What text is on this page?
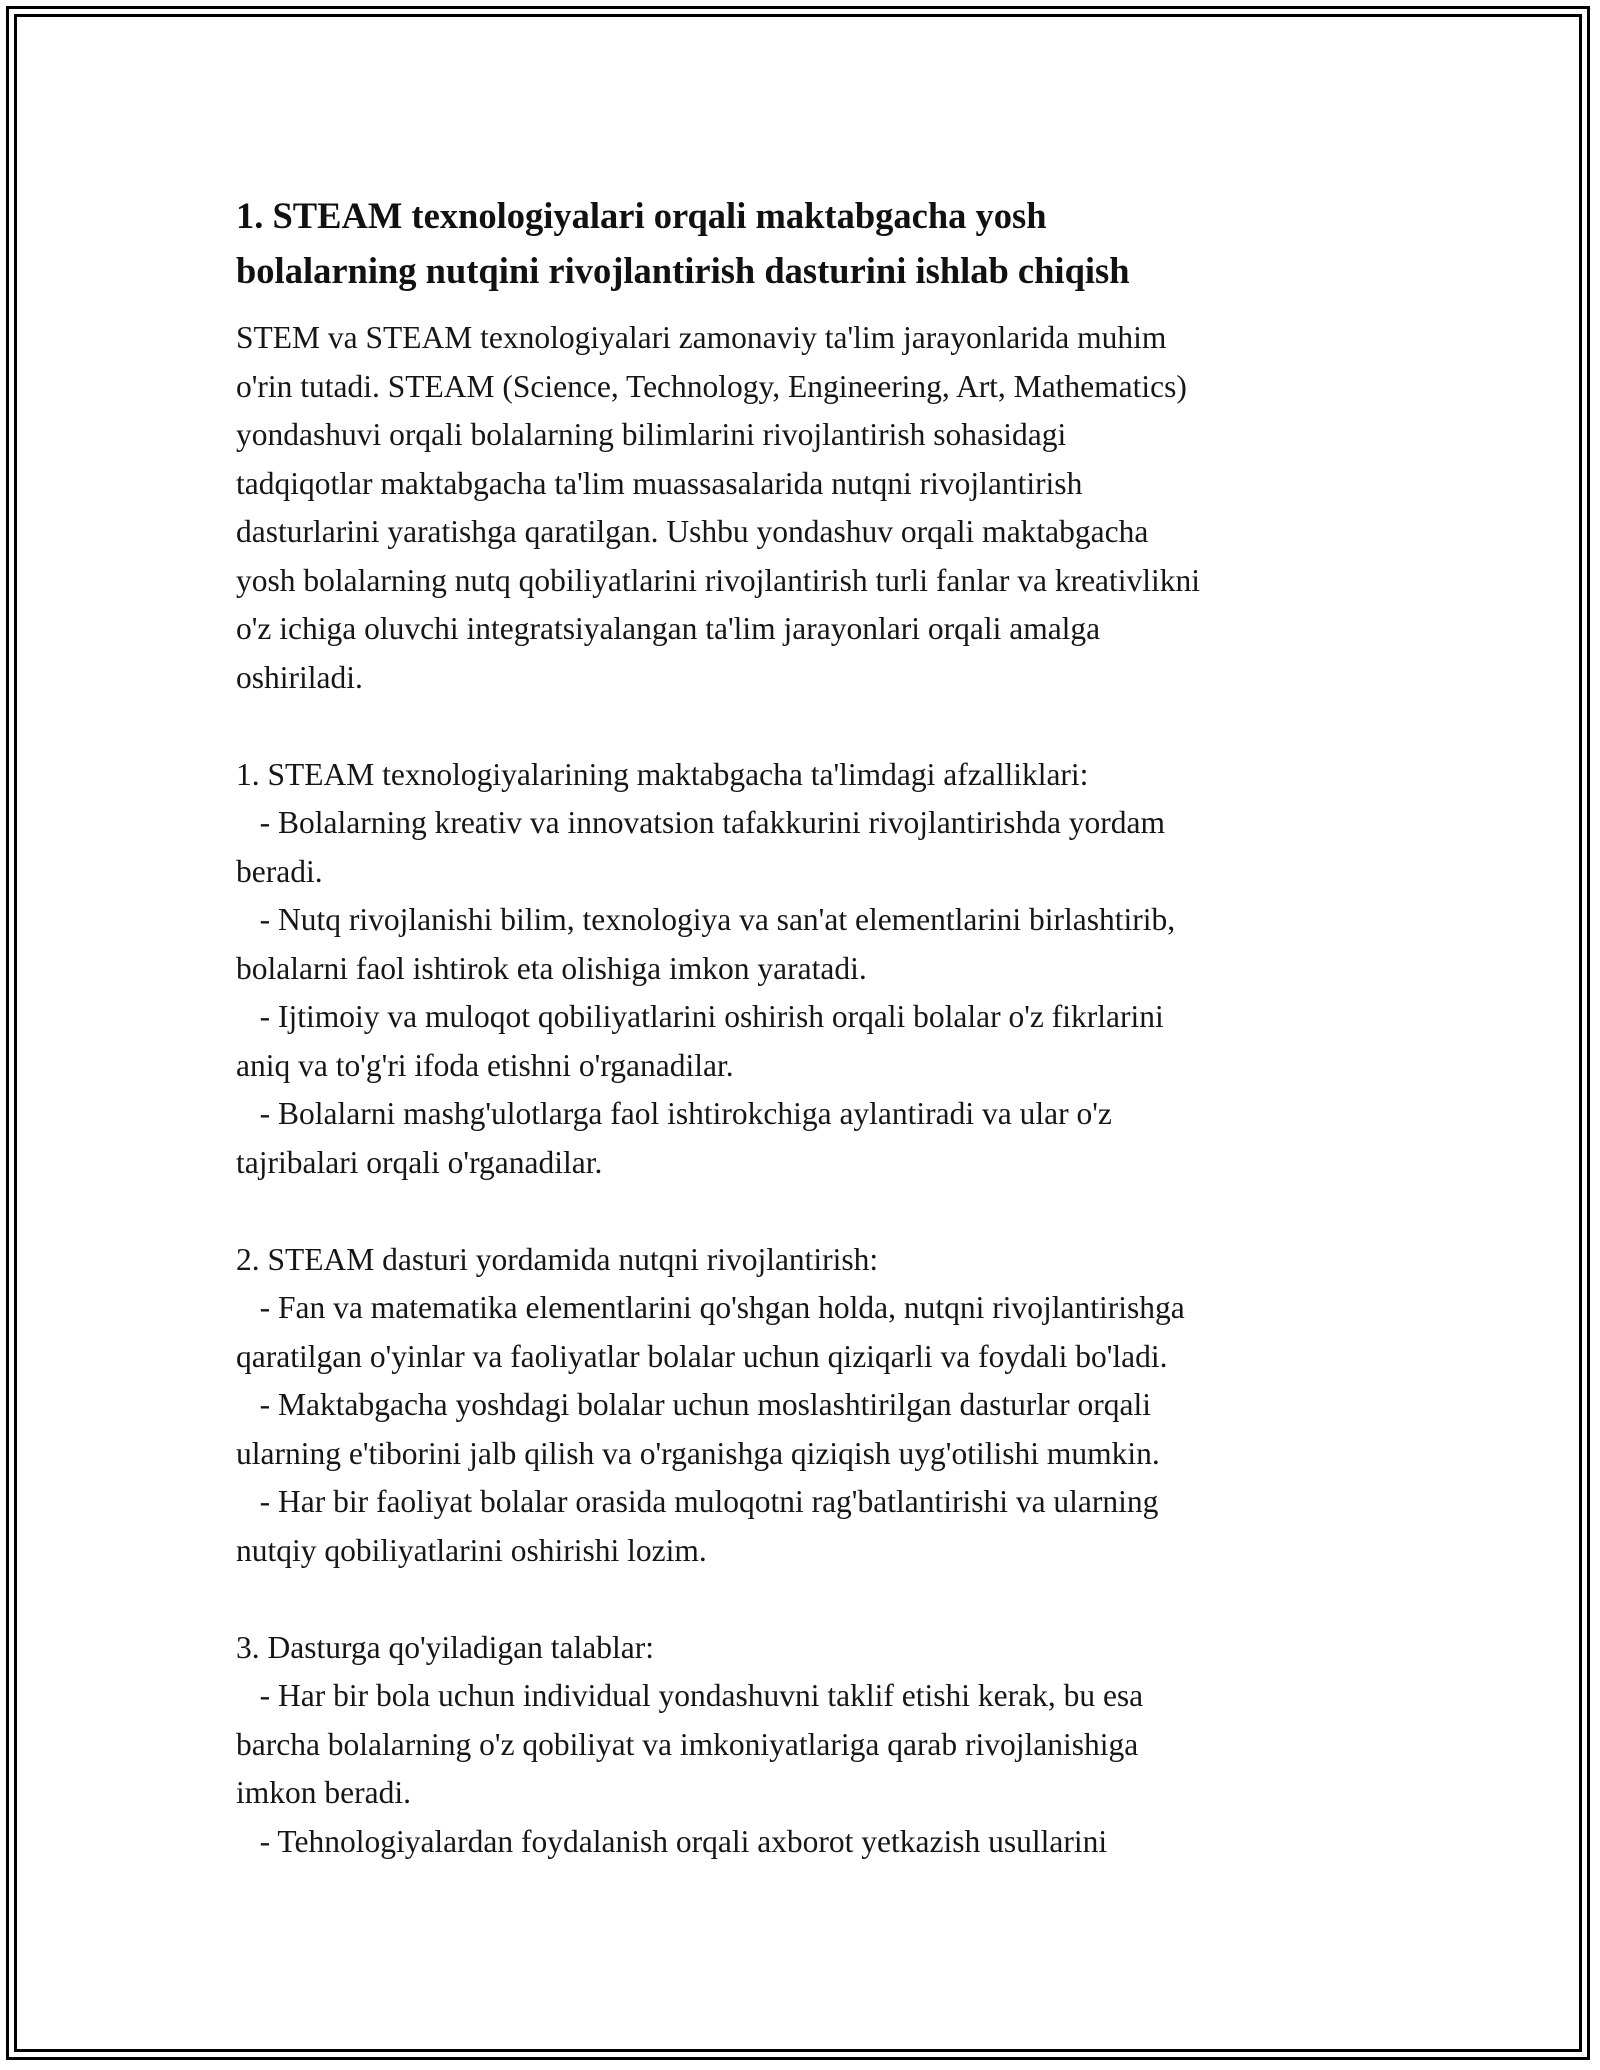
1. STEAM texnologiyalari orqali maktabgacha yosh
bolalarning nutqini rivojlantirish dasturini ishlab chiqish

STEM va STEAM texnologiyalari zamonaviy ta'lim jarayonlarida muhim
o'rin tutadi. STEAM (Science, Technology, Engineering, Art, Mathematics)
yondashuvi orqali bolalarning bilimlarini rivojlantirish sohasidagi
tadqiqotlar maktabgacha ta'lim muassasalarida nutqni rivojlantirish
dasturlarini yaratishga qaratilgan. Ushbu yondashuv orqali maktabgacha
yosh bolalarning nutq qobiliyatlarini rivojlantirish turli fanlar va kreativlikni
o'z ichiga oluvchi integratsiyalangan ta'lim jarayonlari orqali amalga
oshiriladi.

1. STEAM texnologiyalarining maktabgacha ta'limdagi afzalliklari:
- Bolalarning kreativ va innovatsion tafakkurini rivojlantirishda yordam
beradi.
- Nutq rivojlanishi bilim, texnologiya va san'at elementlarini birlashtirib,
bolalarni faol ishtirok eta olishiga imkon yaratadi.
- Ijtimoiy va muloqot qobiliyatlarini oshirish orqali bolalar o'z fikrlarini
aniq va to'g'ri ifoda etishni o'rganadilar.
- Bolalarni mashg'ulotlarga faol ishtirokchiga aylantiradi va ular o'z
tajribalari orqali o'rganadilar.

2. STEAM dasturi yordamida nutqni rivojlantirish:
- Fan va matematika elementlarini qo'shgan holda, nutqni rivojlantirishga
qaratilgan o'yinlar va faoliyatlar bolalar uchun qiziqarli va foydali bo'ladi.
- Maktabgacha yoshdagi bolalar uchun moslashtirilgan dasturlar orqali
ularning e'tiborini jalb qilish va o'rganishga qiziqish uyg'otilishi mumkin.
- Har bir faoliyat bolalar orasida muloqotni rag'batlantirishi va ularning
nutqiy qobiliyatlarini oshirishi lozim.

3. Dasturga qo'yiladigan talablar:
- Har bir bola uchun individual yondashuvni taklif etishi kerak, bu esa
barcha bolalarning o'z qobiliyat va imkoniyatlariga qarab rivojlanishiga
imkon beradi.
- Tehnologiyalardan foydalanish orqali axborot yetkazish usullarini
